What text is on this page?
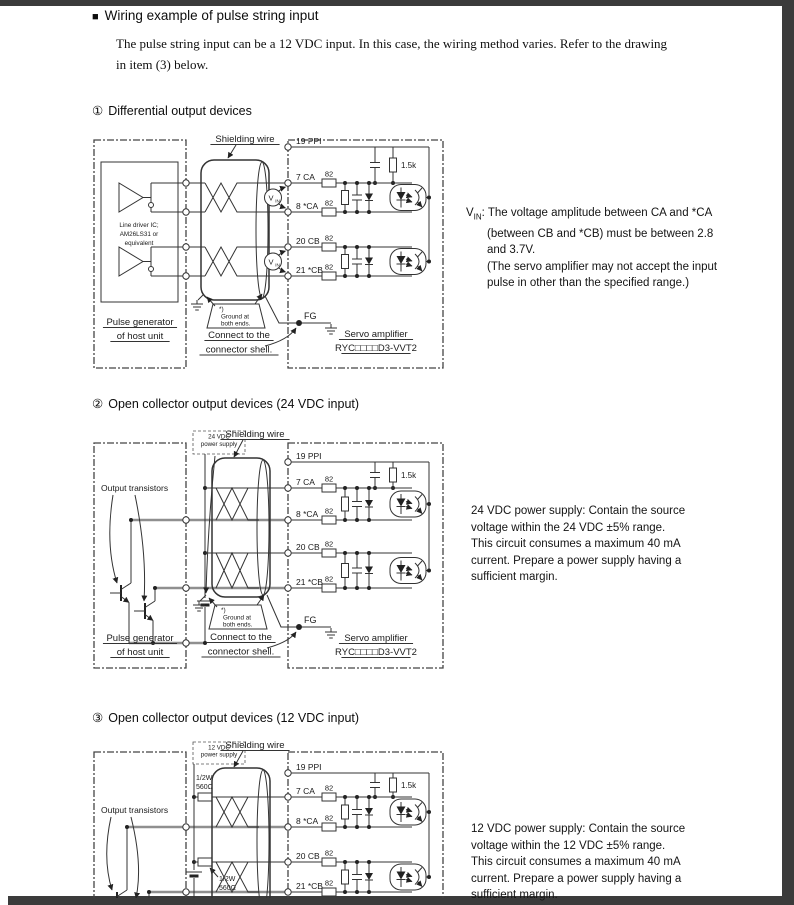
■ Wiring example of pulse string input
The pulse string input can be a 12 VDC input. In this case, the wiring method varies. Refer to the drawing
in item (3) below.
① Differential output devices
Line driver IC;
AM26LS31 or
equivalent
Shielding wire
V IN
V IN
*)
Ground at
both ends.
19 PPI
1.5k
82
82
7 CA
8 *CA
82
82
20 CB
21 *CB
FG
Servo amplifier
RYC□□□□D3-VVT2
Pulse generator
of host unit	Connect to the
connector shell.
$V_{IN}$: The voltage amplitude between CA and *CA
(between CB and *CB) must be between 2.8
and 3.7V.
(The servo amplifier may not accept the input
pulse in other than the specified range.)
② Open collector output devices (24 VDC input)
24 VDC
power supply
Output transistors
Shielding wire
*)
Ground at
both ends.
19 PPI
1.5k
82
82
7 CA
8 *CA
82
82
20 CB
21 *CB
FG
Servo amplifier
RYC□□□□D3-VVT2
Pulse generator
of host unit
Connect to the
connector shell.
24 VDC power supply: Contain the source
voltage within the 24 VDC ±5% range.
This circuit consumes a maximum 40 mA
current. Prepare a power supply having a
sufficient margin.
③ Open collector output devices (12 VDC input)
12 VDC
power supply
1/2W
560Ω
1/2W
560Ω
Output transistors
Shielding wire
19 PPI
1.5k
82
82
7 CA
8 *CA
82
82
20 CB
21 *CB
12 VDC power supply: Contain the source
voltage within the 12 VDC ±5% range.
This circuit consumes a maximum 40 mA
current. Prepare a power supply having a
sufficient margin.
